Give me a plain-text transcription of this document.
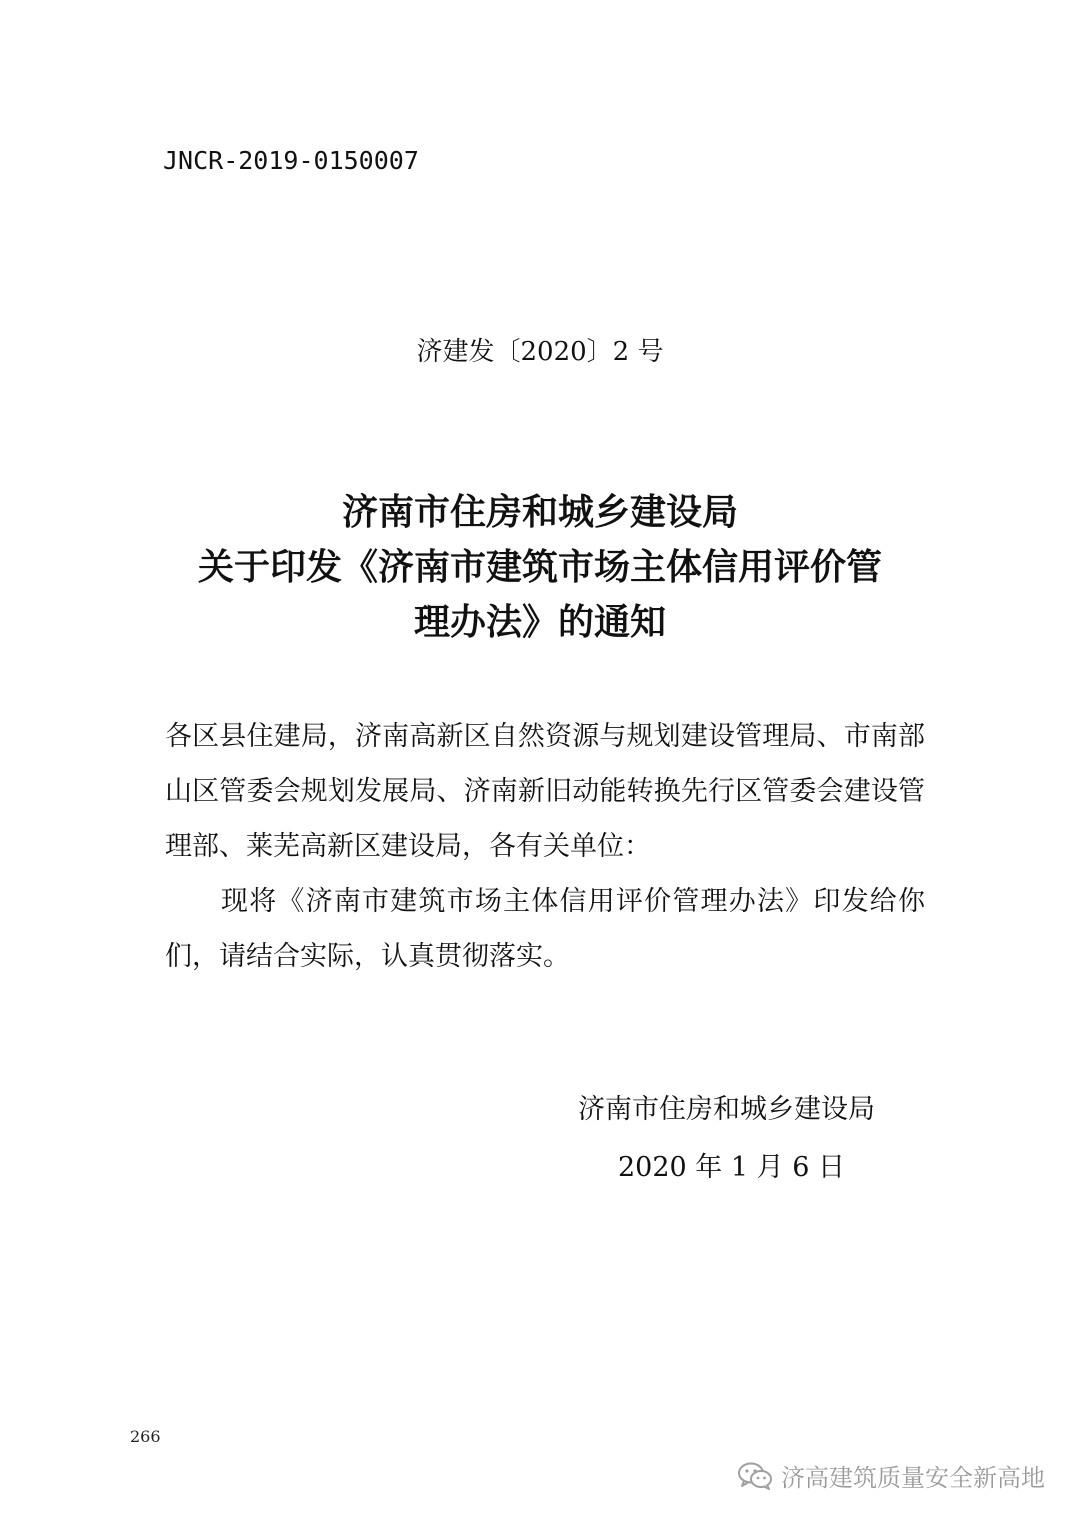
JNCR-2019-0150007
济建发〔2020〕2 号
济南市住房和城乡建设局
关于印发《济南市建筑市场主体信用评价管
理办法》的通知

各区县住建局，济南高新区自然资源与规划建设管理局、市南部山区管委会规划发展局、济南新旧动能转换先行区管委会建设管理部、莱芜高新区建设局，各有关单位：

现将《济南市建筑市场主体信用评价管理办法》印发给你们，请结合实际，认真贯彻落实。

济南市住房和城乡建设局
2020 年 1 月 6 日
266
济高建筑质量安全新高地
